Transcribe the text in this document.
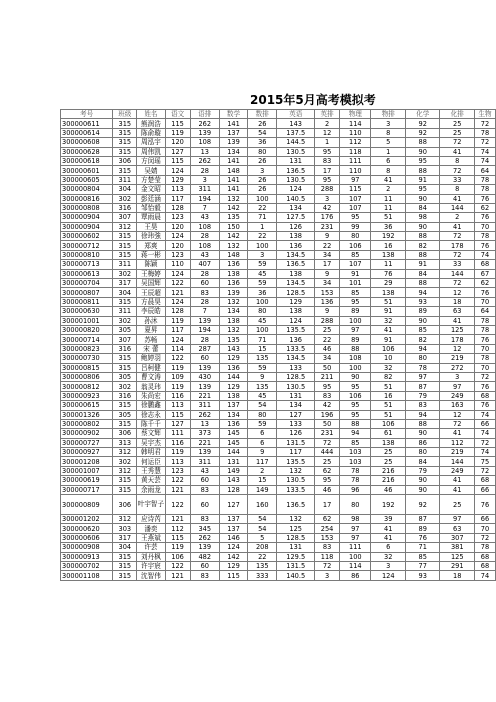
2015年5月高考模拟考
考号	班级	姓名	语文	语排	数学	数排	英语	英排	物理	物排	化学	化排	生物
300000611	315	熊润浩	115	262	141	26	143	2	114	3	92	25	72
300000614	315	陈俞璇	119	139	137	54	137.5	12	110	8	92	25	78
300000608	315	周泓宇	120	108	139	36	144.5	1	112	5	88	72	72
300000628	315	周伟凯	127	13	134	80	130.5	95	118	1	90	41	74
300000618	306	方闵瑶	115	262	141	26	131	83	111	6	95	8	74
300000601	315	吴婧	124	28	148	3	136.5	17	110	8	88	72	64
300000605	311	方楚莹	129	3	141	26	130.5	95	97	41	91	33	78
300000804	304	金文昭	113	311	141	26	124	288	115	2	95	8	78
300000816	302	彭廷涵	117	194	132	100	140.5	3	107	11	90	41	76
300000808	316	邹怡毅	128	7	142	22	134	42	107	11	84	144	62
300000904	307	覃雨晨	123	43	135	71	127.5	176	95	51	98	2	76
300000904	312	王昊	120	108	150	1	126	231	99	36	90	41	70
300000602	315	徐玮強	124	28	142	22	138	9	80	192	88	72	78
300000712	315	郑爽	120	108	132	100	136	22	106	16	82	178	76
300000810	315	蒋一彬	123	43	148	3	134.5	34	85	138	88	72	74
300000713	311	陈颖	110	407	136	59	136.5	17	107	11	91	33	68
300000613	302	王梅婷	124	28	138	45	138	9	91	76	84	144	67
300000704	317	吴国辉	122	60	136	59	134.5	34	101	29	88	72	62
300000807	304	王辰超	121	83	139	36	128.5	153	85	138	94	12	76
300000811	315	方晨昊	124	28	132	100	129	136	95	51	93	18	70
300000630	311	李辰皓	128	7	134	80	138	9	89	91	89	63	64
300001001	302	孙沐	119	139	138	45	124	288	100	32	90	41	78
300000820	305	夏昇	117	194	132	100	135.5	25	97	41	85	125	78
300000714	307	苏畅	124	28	135	71	136	22	89	91	82	178	76
300000823	316	宋 蕾	114	287	143	15	133.5	46	88	106	94	12	70
300000730	315	鲍婷羽	122	60	129	135	134.5	34	108	10	80	219	78
300000815	315	吕柯健	119	139	136	59	133	50	100	32	78	272	70
300000806	305	曹文涛	109	430	144	9	128.5	211	90	82	97	3	72
300000812	302	翁灵玮	119	139	129	135	130.5	95	95	51	87	97	76
300000923	316	朱尚宏	116	221	138	45	131	83	106	16	79	249	68
300000615	315	徐鹏鑫	113	311	137	54	134	42	95	51	83	163	76
300001326	305	徐志永	115	262	134	80	127	196	95	51	94	12	74
300000802	315	陈千千	127	13	136	59	133	50	88	106	88	72	66
300000902	306	蔡文辉	111	373	145	6	126	231	94	61	90	41	74
300000727	313	吴宇杰	116	221	145	6	131.5	72	85	138	86	112	72
300000927	312	韩明君	119	139	144	9	117	444	103	25	80	219	74
300001208	302	何运臣	113	311	131	117	135.5	25	103	25	84	144	75
300001007	312	王秀慧	123	43	149	2	132	62	78	216	79	249	72
300000619	315	黄天芸	122	60	143	15	130.5	95	78	216	90	41	68
300000717	315	余雨龙	121	83	128	149	133.5	46	96	46	90	41	66
300000809	306	叶宇智子	122	60	127	160	136.5	17	80	192	92	25	76
300001202	312	应诗芮	121	83	137	54	132	62	98	39	87	97	66
300000620	303	潘奕	112	345	137	54	125	254	97	41	89	63	70
300000606	317	王燕斌	115	262	146	5	128.5	153	97	41	76	307	72
300000908	304	许芸	119	139	124	208	131	83	111	6	71	381	78
300000913	315	刘丹枫	106	482	142	22	129.5	118	100	32	85	125	68
300000702	315	许宇宸	122	60	129	135	131.5	72	114	3	77	291	68
300001108	315	沈智伟	121	83	115	333	140.5	3	86	124	93	18	74
